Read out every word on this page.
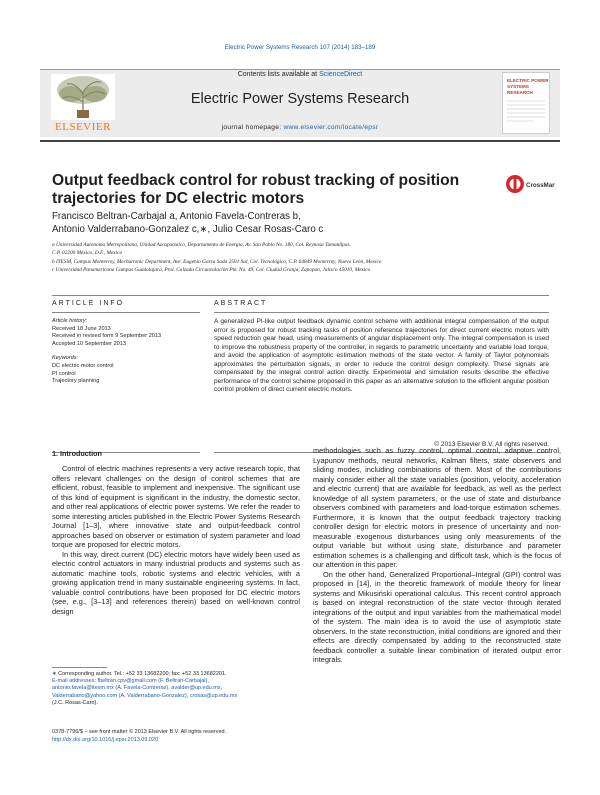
Electric Power Systems Research 107 (2014) 183–189
ELSEVIER
Contents lists available at ScienceDirect
Electric Power Systems Research
journal homepage: www.elsevier.com/locate/epsr
ELECTRIC POWER
SYSTEMS
RESEARCH
Output feedback control for robust tracking of position trajectories for DC electric motors
CrossMark
Francisco Beltran-Carbajal a, Antonio Favela-Contreras b,
Antonio Valderrabano-Gonzalez c,∗, Julio Cesar Rosas-Caro c
a Universidad Autonoma Metropolitana, Unidad Azcapotzalco, Departamento de Energía, Av. San Pablo No. 180, Col. Reynosa Tamaulipas,
C.P. 02200 México, D.F., Mexico
b ITESM, Campus Monterrey, Mechatronic Department, Ave. Eugenio Garza Sada 2501 Sur, Col. Tecnológico, C.P. 64849 Monterrey, Nuevo León, Mexico
c Universidad Panamericana Campus Guadalajara, Prol. Calzada Circunvalación Pte. No. 49, Col. Ciudad Granja, Zapopan, Jalisco 45010, Mexico
ARTICLE INFO	ABSTRACT
Article history:
Received 18 June 2013
Received in revised form 9 September 2013
Accepted 10 September 2013
Keywords:
DC electric motor control
PI control
Trajectory planning
A generalized PI-like output feedback dynamic control scheme with additional integral compensation of the output error is proposed for robust tracking tasks of position reference trajectories for direct current electric motors with speed reduction gear head, using measurements of angular displacement only. The integral compensation is used to improve the robustness property of the controller, in regards to parametric uncertainty and variable load torque, and avoid the application of asymptotic estimation methods of the state vector. A family of Taylor polynomials approximates the perturbation signals, in order to reduce the control design complexity. These signals are compensated by the integral control action directly. Experimental and simulation results describe the effective performance of the control scheme proposed in this paper as an alternative solution to the efficient angular position control problem of direct current electric motors.
© 2013 Elsevier B.V. All rights reserved.
1. Introduction

Control of electric machines represents a very active research topic, that offers relevant challenges on the design of control schemes that are efficient, robust, feasible to implement and inexpensive. The significant use of this kind of equipment is significant in the industry, the domestic sector, and other real applications of electric power systems. We refer the reader to some interesting articles published in the Electric Power Systems Research Journal [1–3], where innovative state and output-feedback control approaches based on observer or estimation of system parameter and load torque are proposed for electric motors.

In this way, direct current (DC) electric motors have widely been used as electric control actuators in many industrial products and systems such as automatic machine tools, robotic systems and electric vehicles, with a growing application trend in many sustainable engineering systems. In fact, valuable control contributions have been proposed for DC electric motors (see, e.g., [3–13] and references therein) based on well-known control design

methodologies such as fuzzy control, optimal control, adaptive control, Lyapunov methods, neural networks, Kalman filters, state observers and sliding modes, including combinations of them. Most of the contributions mainly consider either all the state variables (position, velocity, acceleration and electric current) that are available for feedback, as well as the perfect knowledge of all system parameters, or the use of state and disturbance observers combined with parameters and load-torque estimation schemes. Furthermore, it is known that the output feedback trajectory tracking controller design for electric motors in presence of uncertainty and non-measurable exogenous disturbances using only measurements of the output variable but without using state, disturbance and parameter estimation schemes is a challenging and difficult task, which is the focus of our attention in this paper.

On the other hand, Generalized Proportional–Integral (GPI) control was proposed in [14], in the theoretic framework of module theory for linear systems and Mikusiński operational calculus. This recent control approach is based on integral reconstruction of the state vector through iterated integrations of the output and input variables from the mathematical model of the system. The main idea is to avoid the use of asymptotic state observers. In the state reconstruction, initial conditions are ignored and their effects are directly compensated by adding to the reconstructed state feedback controller a suitable linear combination of iterated output error integrals.

∗ Corresponding author. Tel.: +52 33 13682200; fax: +52 33 13682201.
E-mail addresses: fbeltran.cpv@gmail.com (F. Beltran-Carbajal),
antonio.favela@itesm.mx (A. Favela-Contreras), avalder@up.edu.mx,
Valderrabano@yahoo.com (A. Valderrabano-Gonzalez), crosas@up.edu.mx
(J.C. Rosas-Caro).
0378-7796/$ – see front matter © 2013 Elsevier B.V. All rights reserved.
http://dx.doi.org/10.1016/j.epsr.2013.09.020
